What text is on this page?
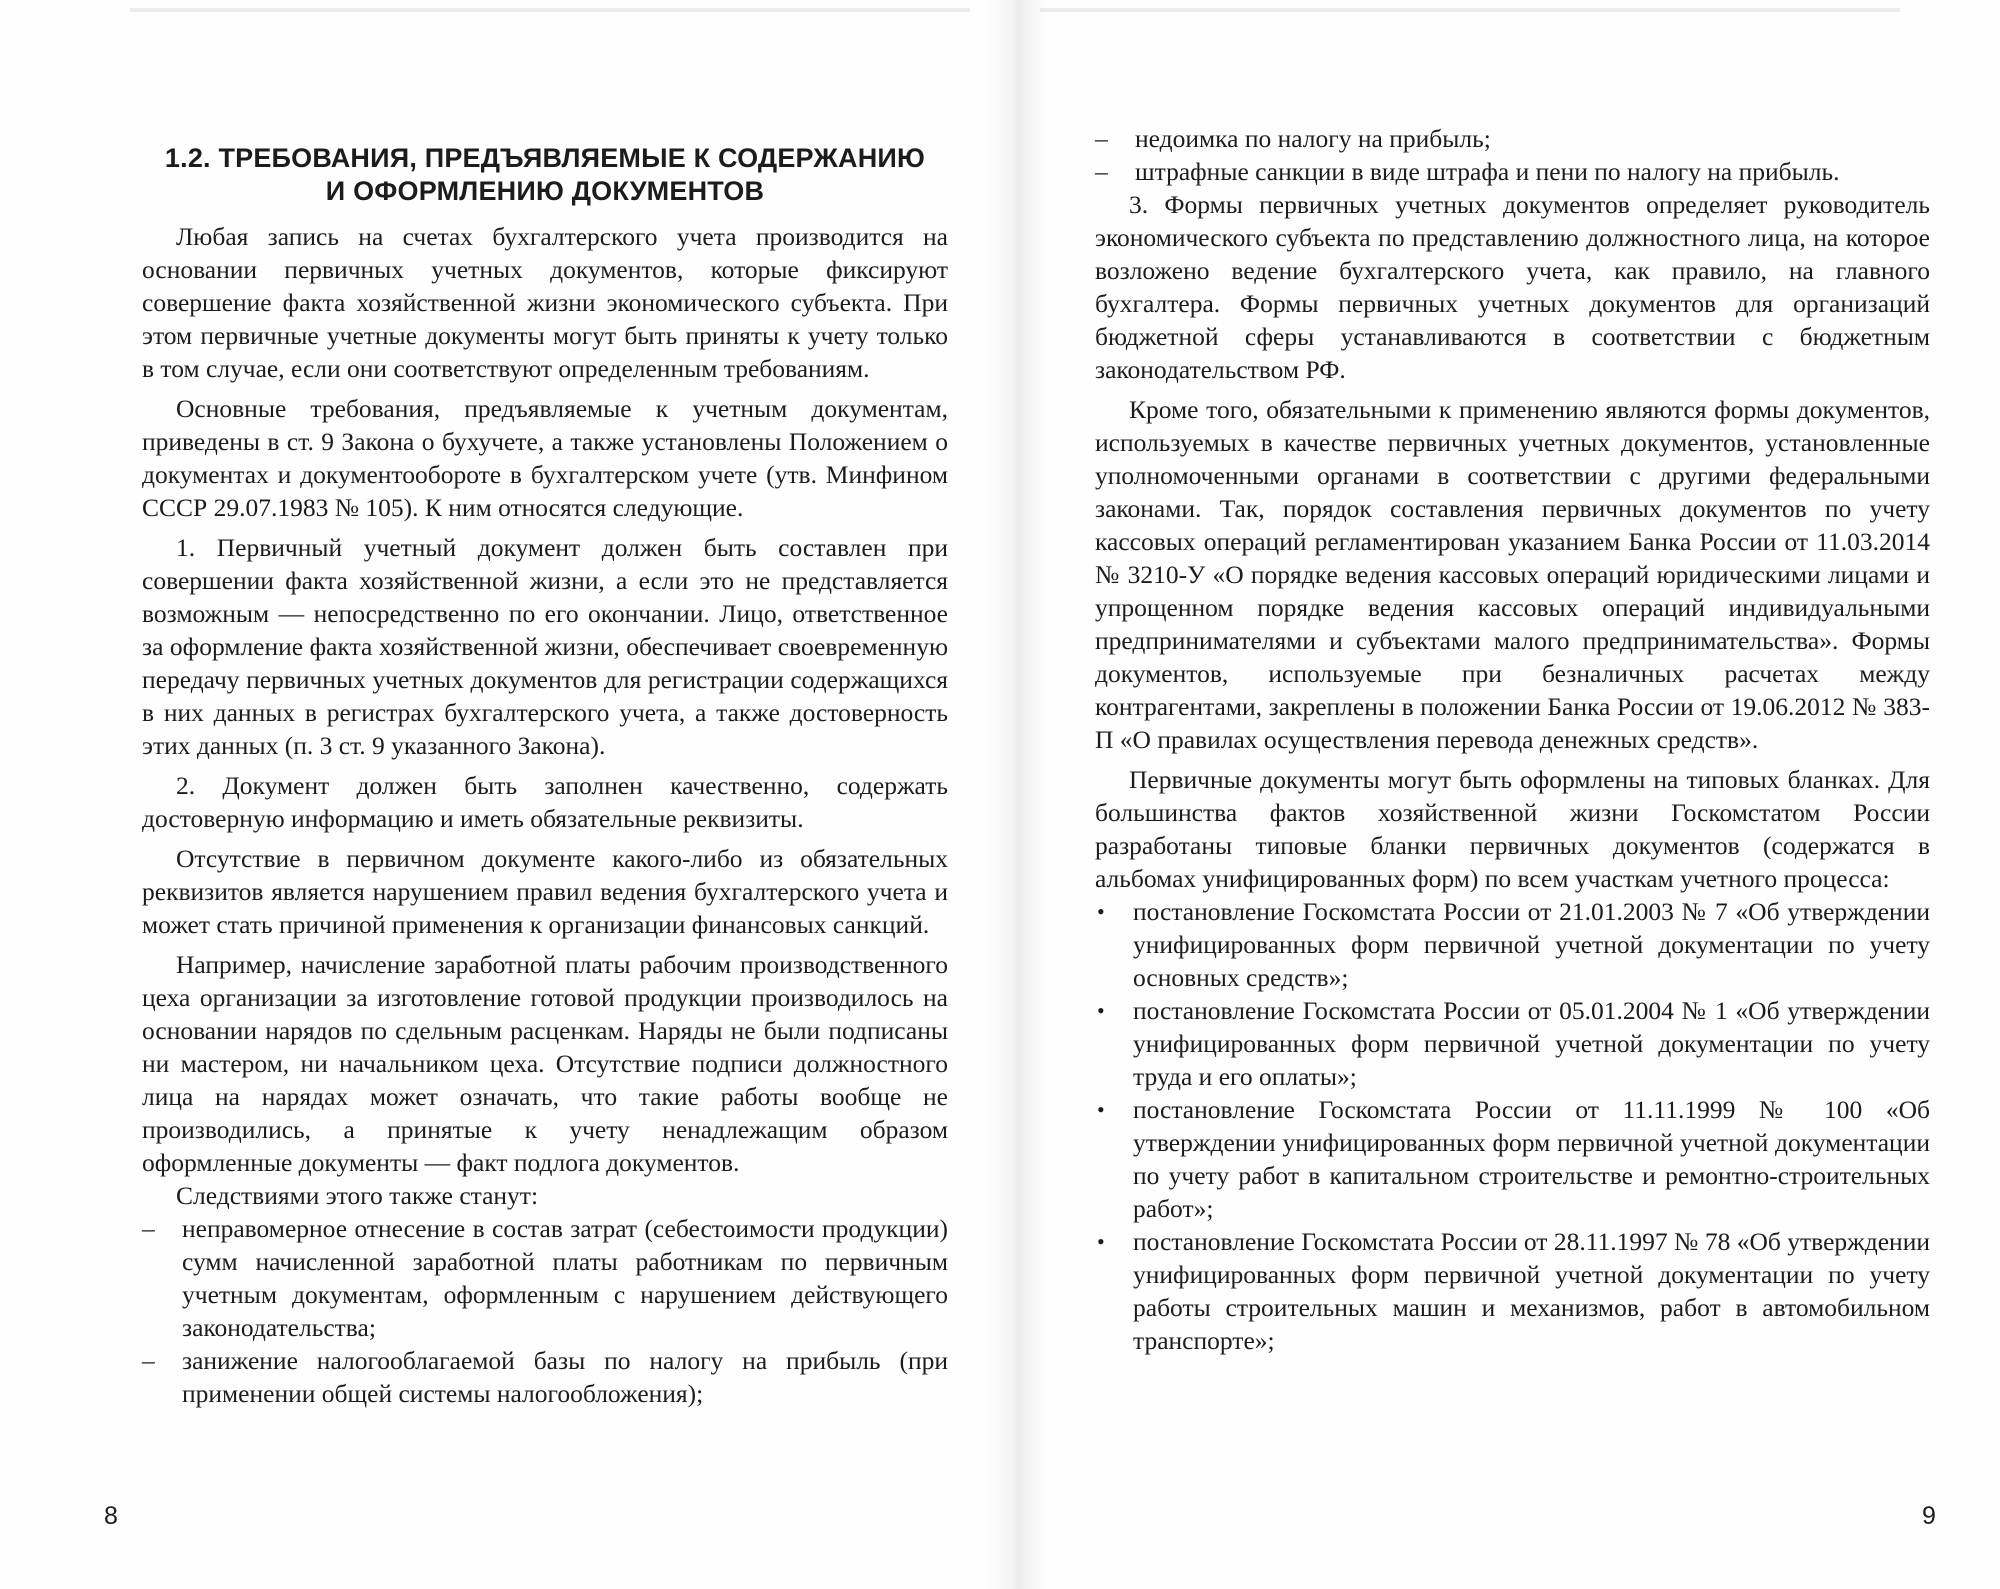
1.2. ТРЕБОВАНИЯ, ПРЕДЪЯВЛЯЕМЫЕ К СОДЕРЖАНИЮ
И ОФОРМЛЕНИЮ ДОКУМЕНТОВ

Любая запись на счетах бухгалтерского учета производится на основании первичных учетных документов, которые фиксируют совершение факта хозяйственной жизни экономического субъекта. При этом первичные учетные документы могут быть приняты к учету только в том случае, если они соответствуют определенным требованиям.

Основные требования, предъявляемые к учетным документам, приведены в ст. 9 Закона о бухучете, а также установлены Положением о документах и документообороте в бухгалтерском учете (утв. Минфином СССР 29.07.1983 № 105). К ним относятся следующие.

1. Первичный учетный документ должен быть составлен при совершении факта хозяйственной жизни, а если это не представляется возможным — непосредственно по его окончании. Лицо, ответственное за оформление факта хозяйственной жизни, обеспечивает своевременную передачу первичных учетных документов для регистрации содержащихся в них данных в регистрах бухгалтерского учета, а также достоверность этих данных (п. 3 ст. 9 указанного Закона).

2. Документ должен быть заполнен качественно, содержать достоверную информацию и иметь обязательные реквизиты.

Отсутствие в первичном документе какого-либо из обязательных реквизитов является нарушением правил ведения бухгалтерского учета и может стать причиной применения к организации финансовых санкций.

Например, начисление заработной платы рабочим производственного цеха организации за изготовление готовой продукции производилось на основании нарядов по сдельным расценкам. Наряды не были подписаны ни мастером, ни начальником цеха. Отсутствие подписи должностного лица на нарядах может означать, что такие работы вообще не производились, а принятые к учету ненадлежащим образом оформленные документы — факт подлога документов.

Следствиями этого также станут:

– неправомерное отнесение в состав затрат (себестоимости продукции) сумм начисленной заработной платы работникам по первичным учетным документам, оформленным с нарушением действующего законодательства;
– занижение налогооблагаемой базы по налогу на прибыль (при применении общей системы налогообложения);
8
– недоимка по налогу на прибыль;
– штрафные санкции в виде штрафа и пени по налогу на прибыль.

3. Формы первичных учетных документов определяет руководитель экономического субъекта по представлению должностного лица, на которое возложено ведение бухгалтерского учета, как правило, на главного бухгалтера. Формы первичных учетных документов для организаций бюджетной сферы устанавливаются в соответствии с бюджетным законодательством РФ.

Кроме того, обязательными к применению являются формы документов, используемых в качестве первичных учетных документов, установленные уполномоченными органами в соответствии с другими федеральными законами. Так, порядок составления первичных документов по учету кассовых операций регламентирован указанием Банка России от 11.03.2014 № 3210-У «О порядке ведения кассовых операций юридическими лицами и упрощенном порядке ведения кассовых операций индивидуальными предпринимателями и субъектами малого предпринимательства». Формы документов, используемые при безналичных расчетах между контрагентами, закреплены в положении Банка России от 19.06.2012 № 383-П «О правилах осуществления перевода денежных средств».

Первичные документы могут быть оформлены на типовых бланках. Для большинства фактов хозяйственной жизни Госкомстатом России разработаны типовые бланки первичных документов (содержатся в альбомах унифицированных форм) по всем участкам учетного процесса:

• постановление Госкомстата России от 21.01.2003 № 7 «Об утверждении унифицированных форм первичной учетной документации по учету основных средств»;
• постановление Госкомстата России от 05.01.2004 № 1 «Об утверждении унифицированных форм первичной учетной документации по учету труда и его оплаты»;
• постановление Госкомстата России от 11.11.1999 № 100 «Об утверждении унифицированных форм первичной учетной документации по учету работ в капитальном строительстве и ремонтно-строительных работ»;
• постановление Госкомстата России от 28.11.1997 № 78 «Об утверждении унифицированных форм первичной учетной документации по учету работы строительных машин и механизмов, работ в автомобильном транспорте»;
9
